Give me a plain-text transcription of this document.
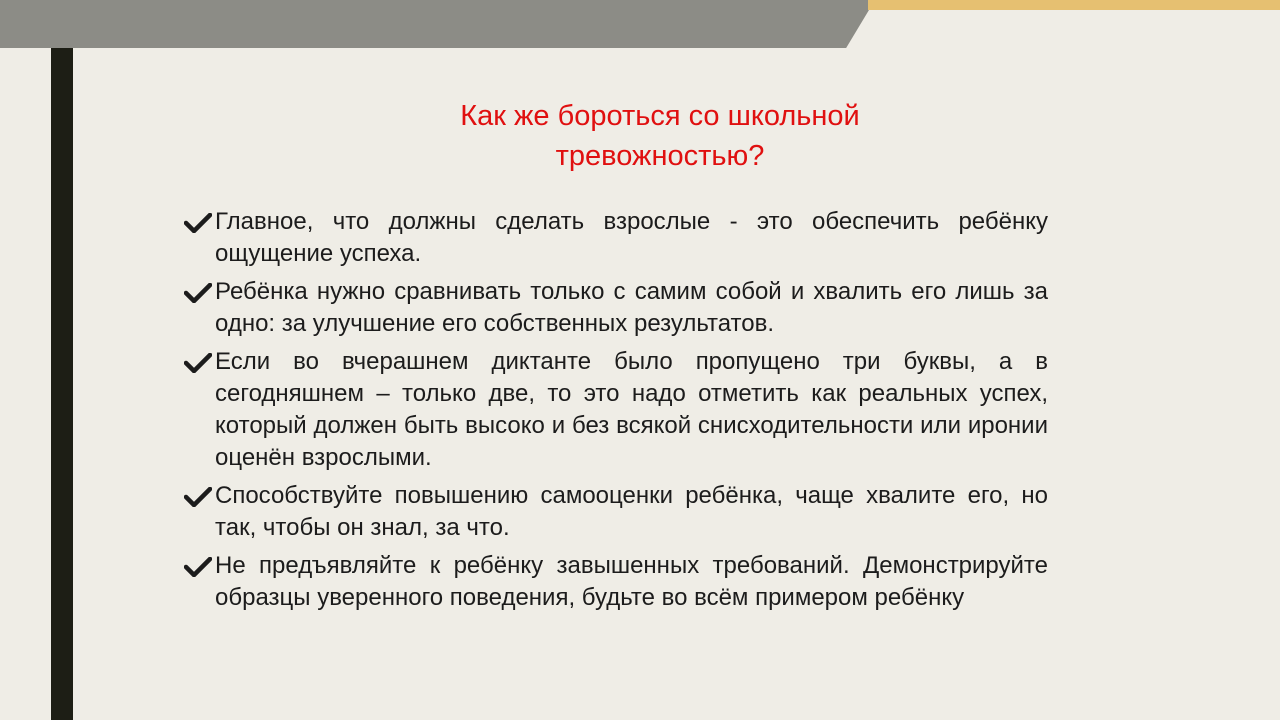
Как же бороться со школьной
тревожностью?
Главное, что должны сделать взрослые - это обеспечить ребёнку ощущение успеха.
Ребёнка нужно сравнивать только с самим собой и хвалить его лишь за одно: за улучшение его собственных результатов.
Если во вчерашнем диктанте было пропущено три буквы, а в сегодняшнем – только две, то это надо отметить как реальных успех, который должен быть высоко и без всякой снисходительности или иронии оценён взрослыми.
Способствуйте повышению самооценки ребёнка, чаще хвалите его, но так, чтобы он знал, за что.
Не предъявляйте к ребёнку завышенных требований. Демонстрируйте образцы уверенного поведения, будьте во всём примером ребёнку
